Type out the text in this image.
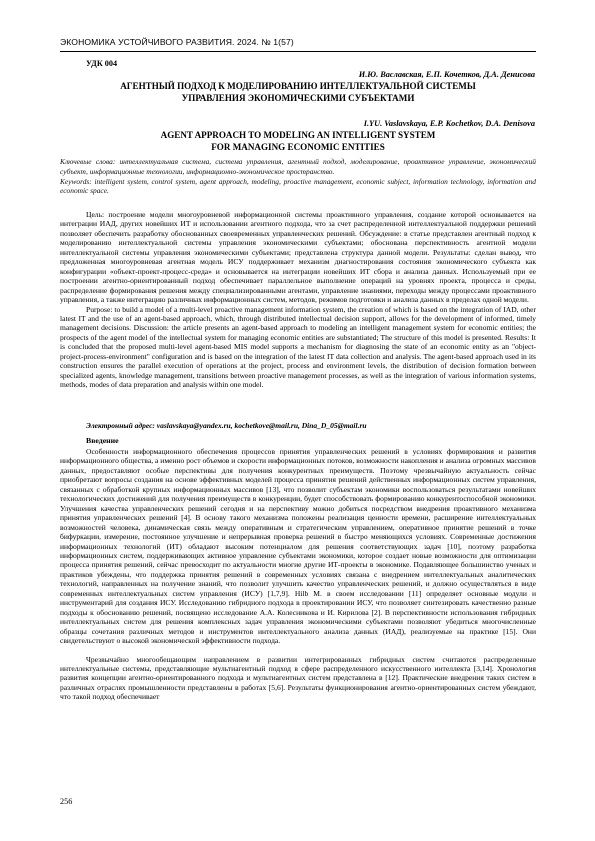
ЭКОНОМИКА УСТОЙЧИВОГО РАЗВИТИЯ. 2024. № 1(57)
УДК 004
И.Ю. Ваславская, Е.П. Кочетков, Д.А. Денисова
АГЕНТНЫЙ ПОДХОД К МОДЕЛИРОВАНИЮ ИНТЕЛЛЕКТУАЛЬНОЙ СИСТЕМЫ
УПРАВЛЕНИЯ ЭКОНОМИЧЕСКИМИ СУБЪЕКТАМИ
I.YU. Vaslavskaya, E.P. Kochetkov, D.A. Denisova
AGENT APPROACH TO MODELING AN INTELLIGENT SYSTEM
FOR MANAGING ECONOMIC ENTITIES
Ключевые слова: интеллектуальная система, система управления, агентный подход, моделирование, проактивное управление, экономический субъект, информационные технологии, информационно-экономическое пространство.
Keywords: intelligent system, control system, agent approach, modeling, proactive management, economic subject, information technology, information and economic space.

Цель: построение модели многоуровневой информационной системы проактивного управления, создание которой основывается на интеграции ИАД, других новейших ИТ и использовании агентного подхода, что за счет распределенной интеллектуальной поддержки решений позволяет обеспечить разработку обоснованных своевременных управленческих решений. Обсуждение: в статье представлен агентный подход к моделированию интеллектуальной системы управления экономическими субъектами; обоснована перспективность агентной модели интеллектуальной системы управления экономическими субъектами; представлена структура данной модели. Результаты: сделан вывод, что предложенная многоуровневая агентная модель ИСУ поддерживает механизм диагностирования состояния экономического субъекта как конфигурации «объект-проект-процесс-среда» и основывается на интеграции новейших ИТ сбора и анализа данных. Используемый при ее построении агентно-ориентированный подход обеспечивает параллельное выполнение операций на уровнях проекта, процесса и среды, распределение формирования решения между специализированными агентами, управление знаниями, переходы между процессами проактивного управления, а также интеграцию различных информационных систем, методов, режимов подготовки и анализа данных в пределах одной модели.

Purpose: to build a model of a multi-level proactive management information system, the creation of which is based on the integration of IAD, other latest IT and the use of an agent-based approach, which, through distributed intellectual decision support, allows for the development of informed, timely management decisions. Discussion: the article presents an agent-based approach to modeling an intelligent management system for economic entities; the prospects of the agent model of the intellectual system for managing economic entities are substantiated; The structure of this model is presented. Results: It is concluded that the proposed multi-level agent-based MIS model supports a mechanism for diagnosing the state of an economic entity as an "object-project-process-environment" configuration and is based on the integration of the latest IT data collection and analysis. The agent-based approach used in its construction ensures the parallel execution of operations at the project, process and environment levels, the distribution of decision formation between specialized agents, knowledge management, transitions between proactive management processes, as well as the integration of various information systems, methods, modes of data preparation and analysis within one model.

Электронный адрес: vaslavskaya@yandex.ru, kochetkove@mail.ru, Dina_D_05@mail.ru
Введение

Особенности информационного обеспечения процессов принятия управленческих решений в условиях формирования и развития информационного общества, а именно рост объемов и скорости информационных потоков, возможности накопления и анализа огромных массивов данных, предоставляют особые перспективы для получения конкурентных преимуществ. Поэтому чрезвычайную актуальность сейчас приобретают вопросы создания на основе эффективных моделей процесса принятия решений действенных информационных систем управления, связанных с обработкой крупных информационных массивов [13], что позволит субъектам экономики воспользоваться результатами новейших технологических достижений для получения преимуществ в конкуренции, будет способствовать формированию конкурентоспособной экономики. Улучшения качества управленческих решений сегодня и на перспективу можно добиться посредством внедрения проактивного механизма принятия управленческих решений [4]. В основу такого механизма положены реализация ценности времени, расширение интеллектуальных возможностей человека, динамическая связь между оперативным и стратегическим управлением, оперативное принятие решений в точке бифуркации, измерение, постоянное улучшение и непрерывная проверка решений в быстро меняющихся условиях. Современные достижения информационных технологий (ИТ) обладают высоким потенциалом для решения соответствующих задач [10], поэтому разработка информационных систем, поддерживающих активное управление субъектами экономики, которое создает новые возможности для оптимизации процесса принятия решений, сейчас превосходит по актуальности многие другие ИТ-проекты в экономике. Подавляющее большинство ученых и практиков убеждены, что поддержка принятия решений в современных условиях связана с внедрением интеллектуальных аналитических технологий, направленных на получение знаний, что позволит улучшить качество управленческих решений, и должно осуществляться в виде современных интеллектуальных систем управления (ИСУ) [1,7,9]. Hilb M. в своем исследовании [11] определяет основные модули и инструментарий для создания ИСУ. Исследованию гибридного подхода в проектировании ИСУ, что позволяет синтезировать качественно разные подходы к обоснованию решений, посвящено исследование А.А. Колесникова и И. Кирилова [2]. В перспективности использования гибридных интеллектуальных систем для решения комплексных задач управления экономическими субъектами позволяют убедиться многочисленные образцы сочетания различных методов и инструментов интеллектуального анализа данных (ИАД), реализуемые на практике [15]. Они свидетельствуют о высокой экономической эффективности подхода.

Чрезвычайно многообещающим направлением в развитии интегрированных гибридных систем считаются распределенные интеллектуальные системы, представляющие мультиагентный подход в сфере распределенного искусственного интеллекта [3,14]. Хронология развития концепции агентно-ориентированного подхода и мультиагентных систем представлена в [12]. Практические внедрения таких систем в различных отраслях промышленности представлены в работах [5,6]. Результаты функционирования агентно-ориентированных систем убеждают, что такой подход обеспечивает

256
